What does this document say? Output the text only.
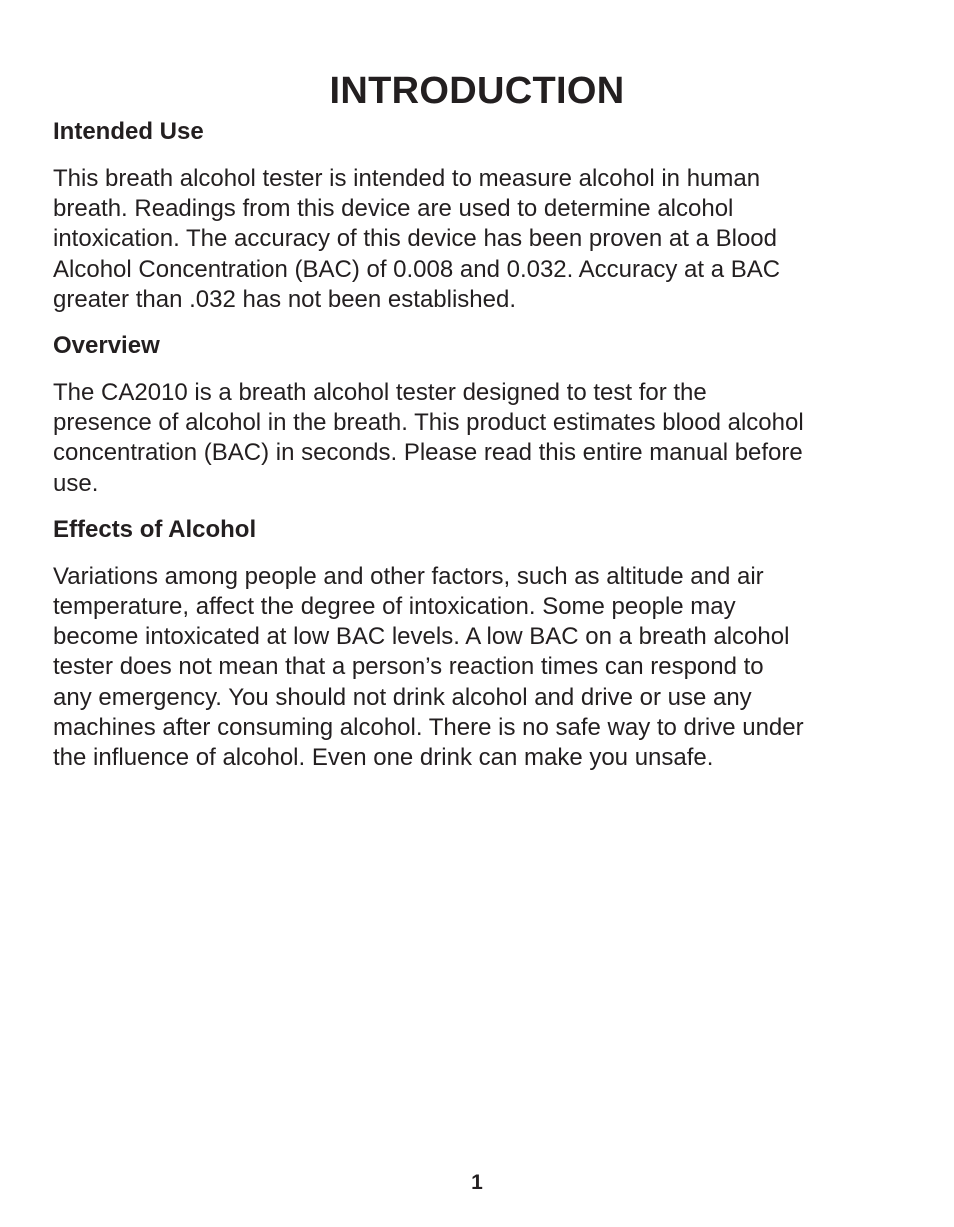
INTRODUCTION
Intended Use

This breath alcohol tester is intended to measure alcohol in human
breath. Readings from this device are used to determine alcohol
intoxication. The accuracy of this device has been proven at a Blood
Alcohol Concentration (BAC) of 0.008 and 0.032. Accuracy at a BAC
greater than .032 has not been established.

Overview

The CA2010 is a breath alcohol tester designed to test for the
presence of alcohol in the breath. This product estimates blood alcohol
concentration (BAC) in seconds. Please read this entire manual before
use.

Effects of Alcohol

Variations among people and other factors, such as altitude and air
temperature, affect the degree of intoxication. Some people may
become intoxicated at low BAC levels. A low BAC on a breath alcohol
tester does not mean that a person’s reaction times can respond to
any emergency. You should not drink alcohol and drive or use any
machines after consuming alcohol. There is no safe way to drive under
the influence of alcohol. Even one drink can make you unsafe.

1
